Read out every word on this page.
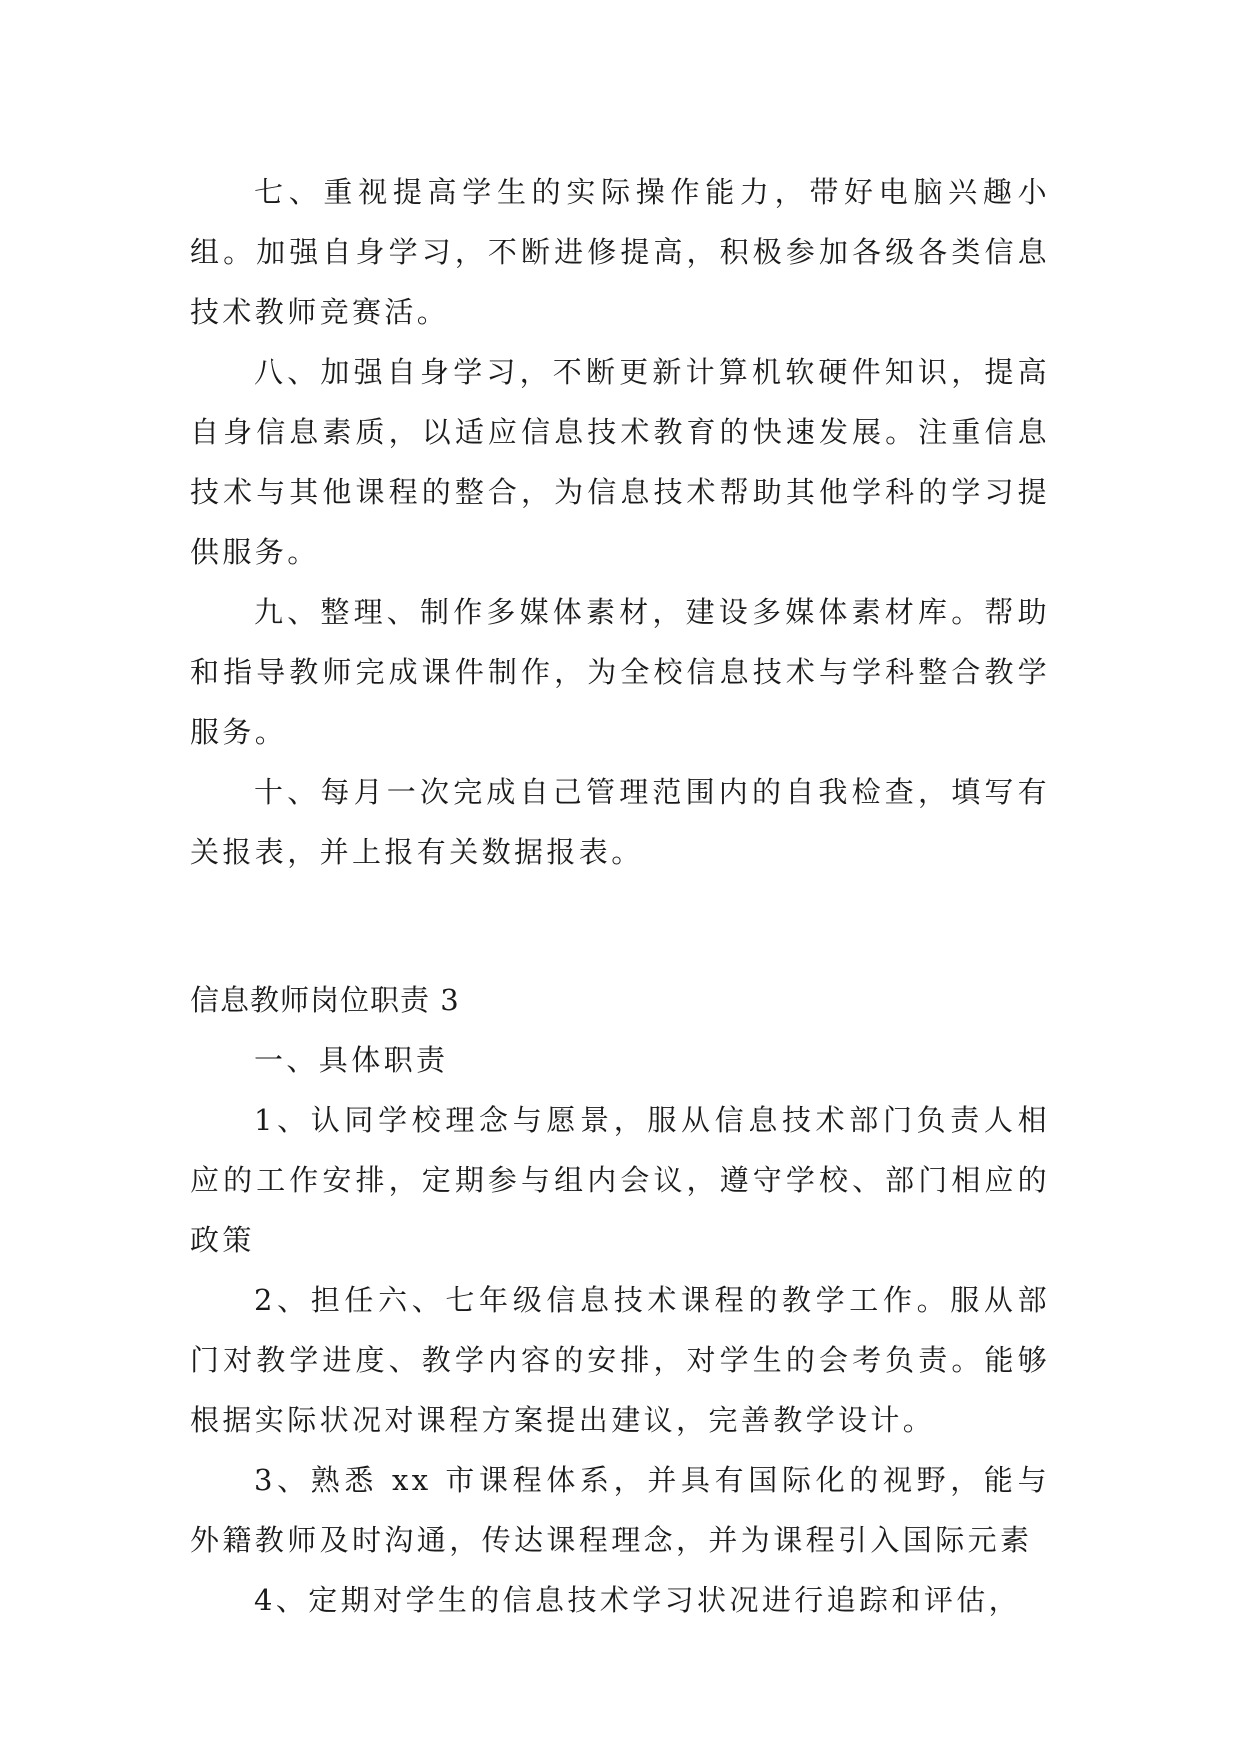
七、重视提高学生的实际操作能力，带好电脑兴趣小组。加强自身学习，不断进修提高，积极参加各级各类信息技术教师竞赛活。

八、加强自身学习，不断更新计算机软硬件知识，提高自身信息素质，以适应信息技术教育的快速发展。注重信息技术与其他课程的整合，为信息技术帮助其他学科的学习提供服务。

九、整理、制作多媒体素材，建设多媒体素材库。帮助和指导教师完成课件制作，为全校信息技术与学科整合教学服务。

十、每月一次完成自己管理范围内的自我检查，填写有关报表，并上报有关数据报表。

信息教师岗位职责 3

一、具体职责

1、认同学校理念与愿景，服从信息技术部门负责人相应的工作安排，定期参与组内会议，遵守学校、部门相应的政策

2、担任六、七年级信息技术课程的教学工作。服从部门对教学进度、教学内容的安排，对学生的会考负责。能够根据实际状况对课程方案提出建议，完善教学设计。

3、熟悉 xx 市课程体系，并具有国际化的视野，能与外籍教师及时沟通，传达课程理念，并为课程引入国际元素

4、定期对学生的信息技术学习状况进行追踪和评估，
